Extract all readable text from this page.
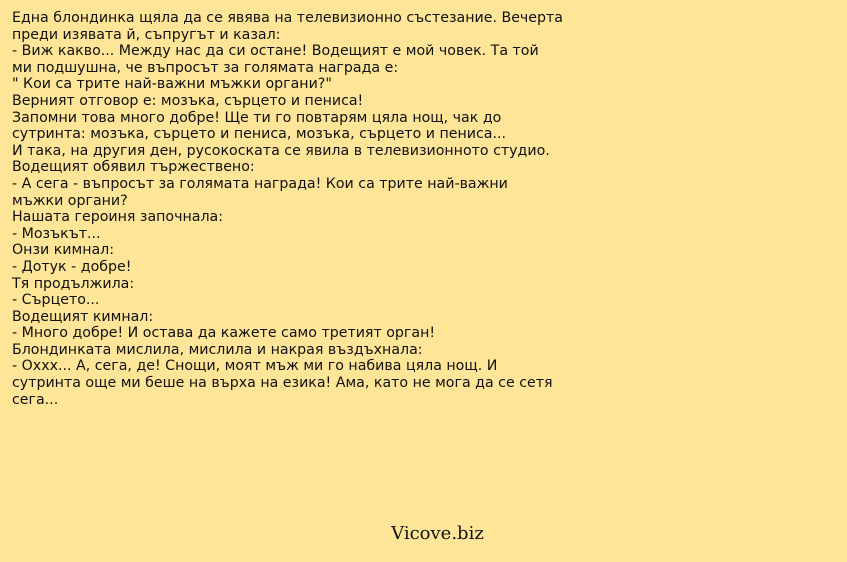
Една блондинка щяла да се явява на телевизионно състезание. Вечерта
преди изявата й, съпругът и казал:
- Виж какво... Между нас да си остане! Водещият е мой човек. Та той
ми подшушна, че въпросът за голямата награда е:
" Кои са трите най-важни мъжки органи?"
Верният отговор е: мозъка, сърцето и пениса!
Запомни това много добре! Ще ти го повтарям цяла нощ, чак до
сутринта: мозъка, сърцето и пениса, мозъка, сърцето и пениса...
И така, на другия ден, русокоската се явила в телевизионното студио.
Водещият обявил тържествено:
- А сега - въпросът за голямата награда! Кои са трите най-важни
мъжки органи?
Нашата героиня започнала:
- Мозъкът...
Онзи кимнал:
- Дотук - добре!
Тя продължила:
- Сърцето...
Водещият кимнал:
- Много добре! И остава да кажете само третият орган!
Блондинката мислила, мислила и накрая въздъхнала:
- Оххх... А, сега, де! Снощи, моят мъж ми го набива цяла нощ. И
сутринта още ми беше на върха на езика! Ама, като не мога да се сетя
сега...
Vicove.biz
